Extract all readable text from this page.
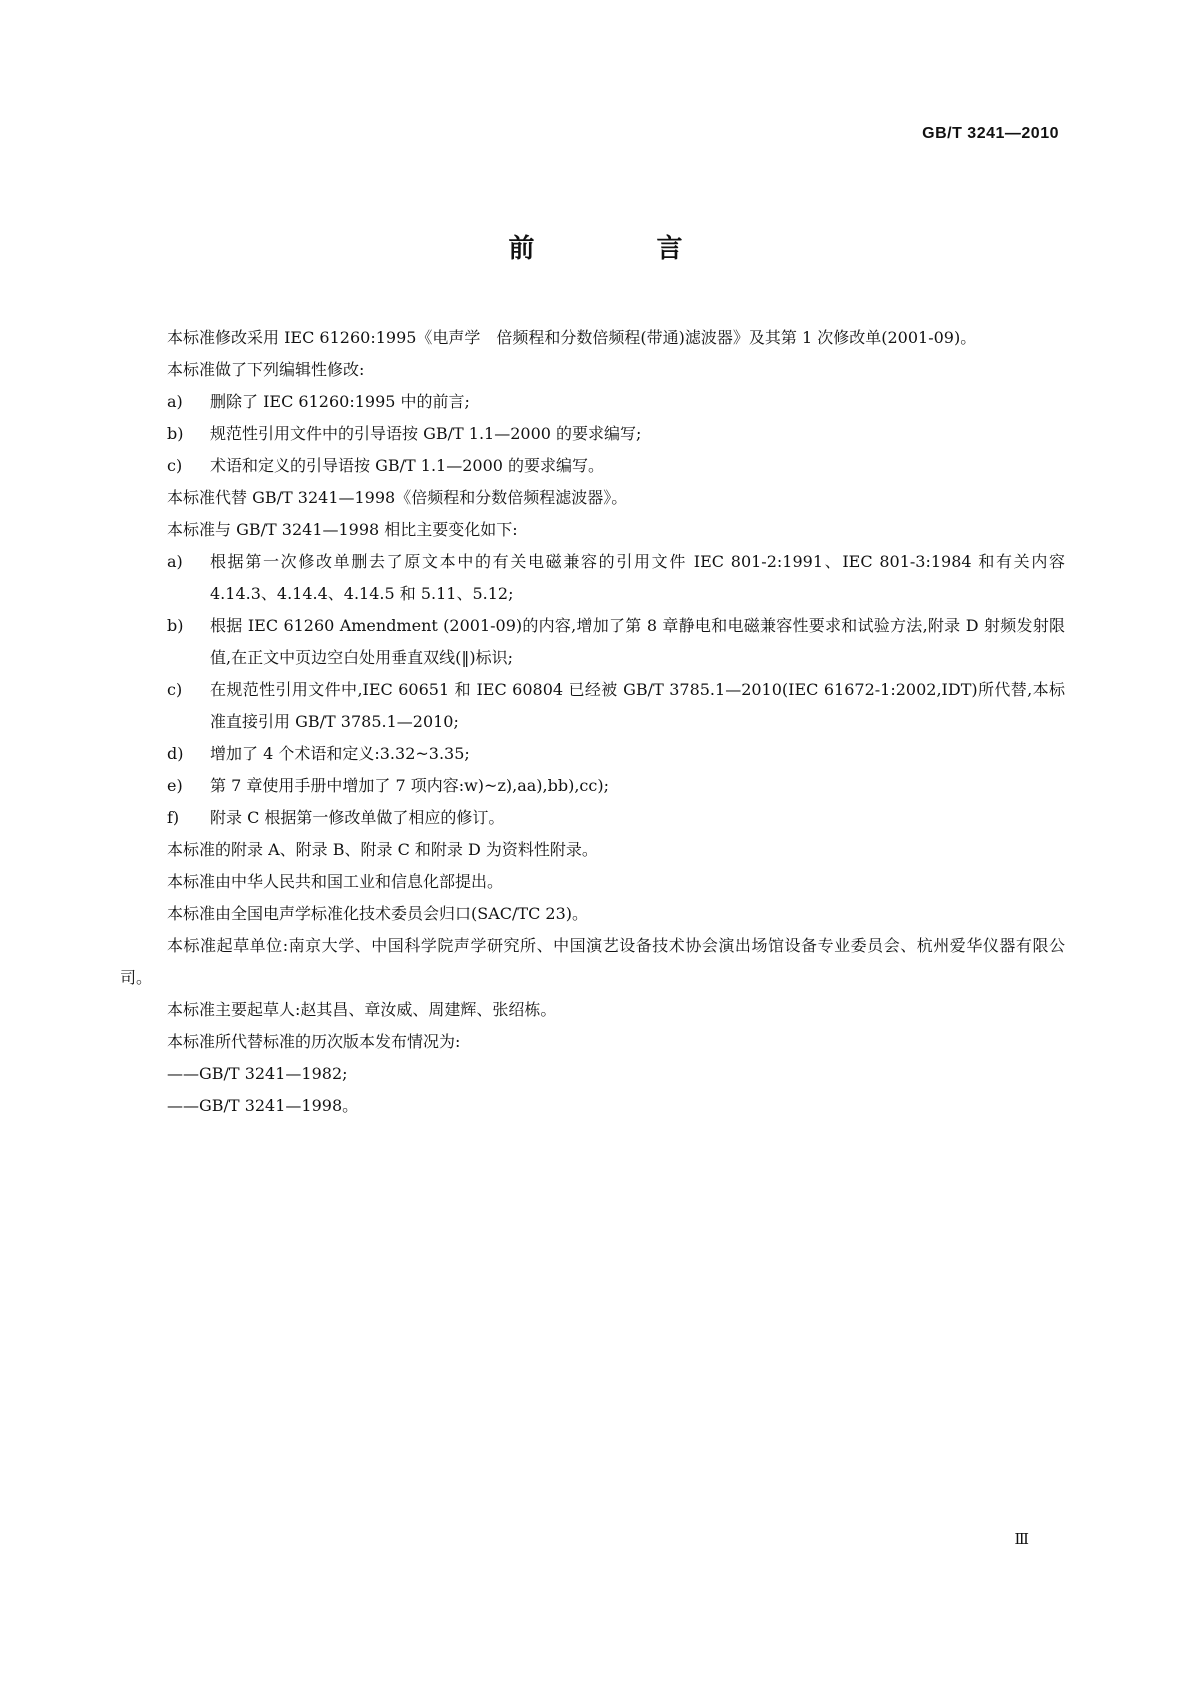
GB/T 3241—2010

前　言

本标准修改采用 IEC 61260:1995《电声学　倍频程和分数倍频程(带通)滤波器》及其第 1 次修改单(2001-09)。

本标准做了下列编辑性修改:

a)	删除了 IEC 61260:1995 中的前言;
b)	规范性引用文件中的引导语按 GB/T 1.1—2000 的要求编写;
c)	术语和定义的引导语按 GB/T 1.1—2000 的要求编写。

本标准代替 GB/T 3241—1998《倍频程和分数倍频程滤波器》。

本标准与 GB/T 3241—1998 相比主要变化如下:

a)	根据第一次修改单删去了原文本中的有关电磁兼容的引用文件 IEC 801-2:1991、IEC 801-3:1984 和有关内容 4.14.3、4.14.4、4.14.5 和 5.11、5.12;
b)	根据 IEC 61260 Amendment (2001-09)的内容,增加了第 8 章静电和电磁兼容性要求和试验方法,附录 D 射频发射限值,在正文中页边空白处用垂直双线(‖)标识;
c)	在规范性引用文件中,IEC 60651 和 IEC 60804 已经被 GB/T 3785.1—2010(IEC 61672-1:2002,IDT)所代替,本标准直接引用 GB/T 3785.1—2010;
d)	增加了 4 个术语和定义:3.32~3.35;
e)	第 7 章使用手册中增加了 7 项内容:w)~z),aa),bb),cc);
f)	附录 C 根据第一修改单做了相应的修订。

本标准的附录 A、附录 B、附录 C 和附录 D 为资料性附录。

本标准由中华人民共和国工业和信息化部提出。

本标准由全国电声学标准化技术委员会归口(SAC/TC 23)。

本标准起草单位:南京大学、中国科学院声学研究所、中国演艺设备技术协会演出场馆设备专业委员会、杭州爱华仪器有限公司。

本标准主要起草人:赵其昌、章汝威、周建辉、张绍栋。

本标准所代替标准的历次版本发布情况为:

——GB/T 3241—1982;

——GB/T 3241—1998。

Ⅲ
